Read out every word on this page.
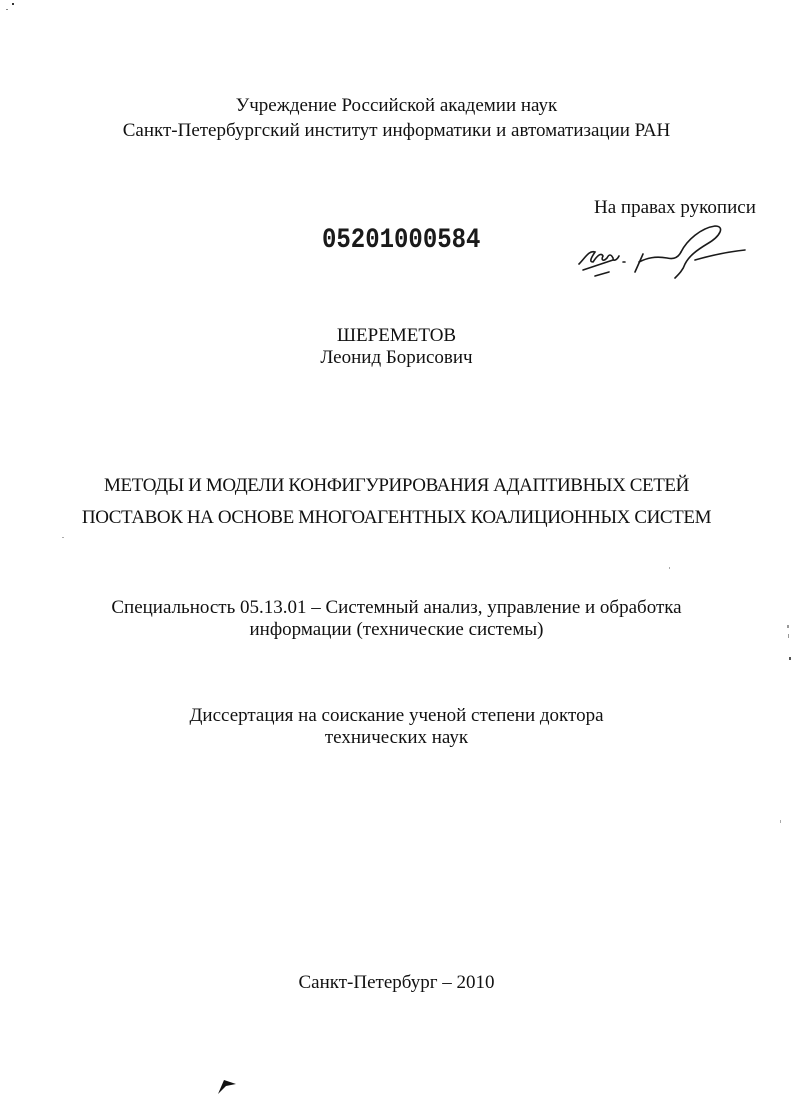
Учреждение Российской академии наук
Санкт-Петербургский институт информатики и автоматизации РАН
На правах рукописи
05201000584
ШЕРЕМЕТОВ
Леонид Борисович
МЕТОДЫ И МОДЕЛИ КОНФИГУРИРОВАНИЯ АДАПТИВНЫХ СЕТЕЙ
ПОСТАВОК НА ОСНОВЕ МНОГОАГЕНТНЫХ КОАЛИЦИОННЫХ СИСТЕМ
Специальность 05.13.01 – Системный анализ, управление и обработка
информации (технические системы)
Диссертация на соискание ученой степени доктора
технических наук
Санкт-Петербург – 2010
